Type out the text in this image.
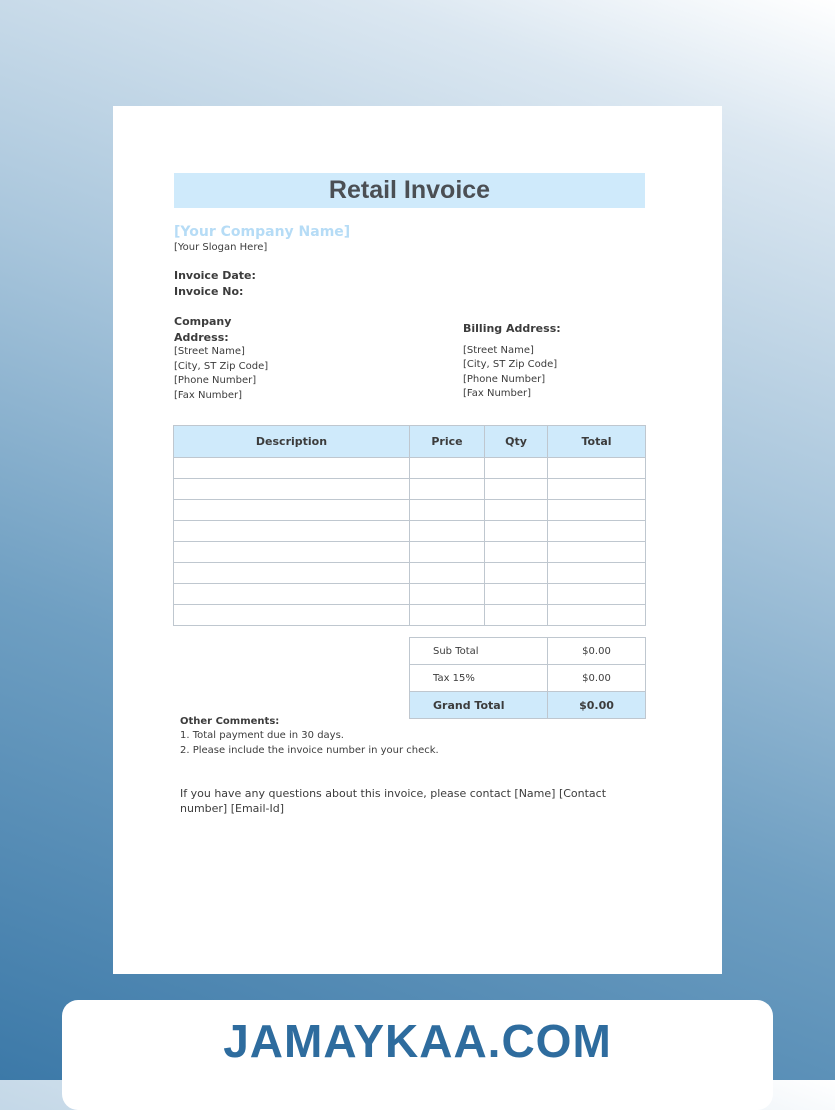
Retail Invoice
[Your Company Name]
[Your Slogan Here]
Invoice Date:
Invoice No:
Company
Address:
[Street Name]
[City, ST Zip Code]
[Phone Number]
[Fax Number]
Billing Address:
[Street Name]
[City, ST Zip Code]
[Phone Number]
[Fax Number]
Description	Price	Qty	Total

Sub Total	$0.00
Tax 15%	$0.00
Grand Total	$0.00
Other Comments:
1. Total payment due in 30 days.
2. Please include the invoice number in your check.
If you have any questions about this invoice, please contact [Name] [Contact number] [Email-Id]
JAMAYKAA.COM
